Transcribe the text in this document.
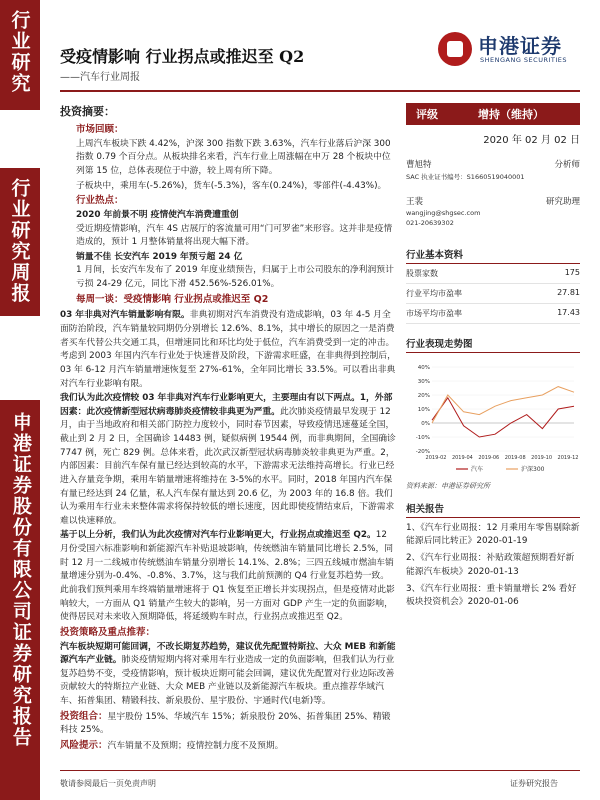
行业研究
行业研究周报
申港证券股份有限公司证券研究报告
受疫情影响 行业拐点或推迟至 Q2
——汽车行业周报
申港证券
SHENGANG SECURITIES
投资摘要：
市场回顾：
上周汽车板块下跌 4.42%，沪深 300 指数下跌 3.63%，汽车行业落后沪深 300 指数 0.79 个百分点。从板块排名来看，汽车行业上周涨幅在申万 28 个板块中位列第 15 位，总体表现位于中游，较上周有所下降。
子板块中，乘用车(-5.26%)，货车(-5.3%)，客车(0.24%)，零部件(-4.43%)。
行业热点：
2020 年前景不明 疫情使汽车消费遭重创
受近期疫情影响，汽车 4S 店展厅的客流量可用“门可罗雀”来形容。这并非是疫情造成的，预计 1 月整体销量将出现大幅下滑。
销量不佳 长安汽车 2019 年预亏超 24 亿
1 月间，长安汽车发布了 2019 年度业绩预告，归属于上市公司股东的净利润预计亏损 24-29 亿元，同比下滑 452.56%-526.01%。
每周一谈：受疫情影响 行业拐点或推迟至 Q2
03 年非典对汽车销量影响有限。非典初期对汽车消费没有造成影响，03 年 4-5 月全面防治阶段，汽车销量较同期仍分别增长 12.6%、8.1%，其中增长的原因之一是消费者买车代替公共交通工具，但增速同比和环比均处于低位，汽车消费受到一定的冲击。考虑到 2003 年国内汽车行业处于快速普及阶段，下游需求旺盛，在非典得到控制后，03 年 6-12 月汽车销量增速恢复至 27%-61%，全年同比增长 33.5%。可以看出非典对汽车行业影响有限。
我们认为此次疫情较 03 年非典对汽车行业影响更大，主要理由有以下两点。1，外部因素：此次疫情新型冠状病毒肺炎疫情较非典更为严重。此次肺炎疫情最早发现于 12 月，由于当地政府和相关部门防控力度较小，同时春节因素，导致疫情迅速蔓延全国，截止到 2 月 2 日，全国确诊 14483 例，疑似病例 19544 例，而非典期间，全国确诊 7747 例，死亡 829 例。总体来看，此次武汉新型冠状病毒肺炎较非典更为严重。2，内部因素：目前汽车保有量已经达到较高的水平，下游需求无法维持高增长。行业已经进入存量竞争期，乘用车销量增速将维持在 3-5%的水平。同时，2018 年国内汽车保有量已经达到 24 亿量，私人汽车保有量达到 20.6 亿，为 2003 年的 16.8 倍。我们认为乘用车行业未来整体需求将保持较低的增长速度，因此即使疫情结束后，下游需求难以快速释放。
基于以上分析，我们认为此次疫情对汽车行业影响更大，行业拐点或推迟至 Q2。12 月份受国六标准影响和新能源汽车补贴退坡影响，传统燃油车销量同比增长 2.5%，同时 12 月一二线城市传统燃油车销量分别增长 14.1%、2.8%；三四五线城市燃油车销量增速分别为-0.4%、-0.8%、3.7%，这与我们此前预测的 Q4 行业复苏趋势一致。此前我们预判乘用车终端销量增速将于 Q1 恢复至正增长并实现拐点，但是疫情对此影响较大，一方面从 Q1 销量产生较大的影响，另一方面对 GDP 产生一定的负面影响，使得居民对未来收入预期降低，将延缓购车时点，行业拐点或推迟至 Q2。
投资策略及重点推荐：
汽车板块短期可能回调，不改长期复苏趋势，建议优先配置特斯拉、大众 MEB 和新能源汽车产业链。肺炎疫情短期内将对乘用车行业造成一定的负面影响，但我们认为行业复苏趋势不变，受疫情影响，预计板块近期可能会回调，建议优先配置对行业边际改善贡献较大的特斯拉产业链、大众 MEB 产业链以及新能源汽车板块。重点推荐华域汽车、拓普集团、精锻科技、新泉股份、星宇股份、宇通时代(电新)等。
投资组合：星宇股份 15%、华域汽车 15%；新泉股份 20%、拓普集团 25%、精锻科技 25%。
风险提示：汽车销量不及预期；疫情控制力度不及预期。
评级	增持（维持）
2020 年 02 月 02 日
曹旭特	分析师
SAC 执业证书编号：S1660519040001
王裴	研究助理
wangjing@shgsec.com
021-20639302
行业基本资料
股票家数	175
行业平均市盈率	27.81
市场平均市盈率	17.43
行业表现走势图
-20%
-10%
0%
10%
20%
30%
40%
2019-02 2019-04 2019-06 2019-08 2019-10 2019-12
汽车	沪深300
资料来源：申港证券研究所
相关报告
1、《汽车行业周报：12 月乘用车零售剔除新能源后同比转正》2020-01-19
2、《汽车行业周报：补贴政策超预期看好新能源汽车板块》2020-01-13
3、《汽车行业周报：重卡销量增长 2% 看好板块投资机会》2020-01-06
敬请参阅最后一页免责声明	证券研究报告
